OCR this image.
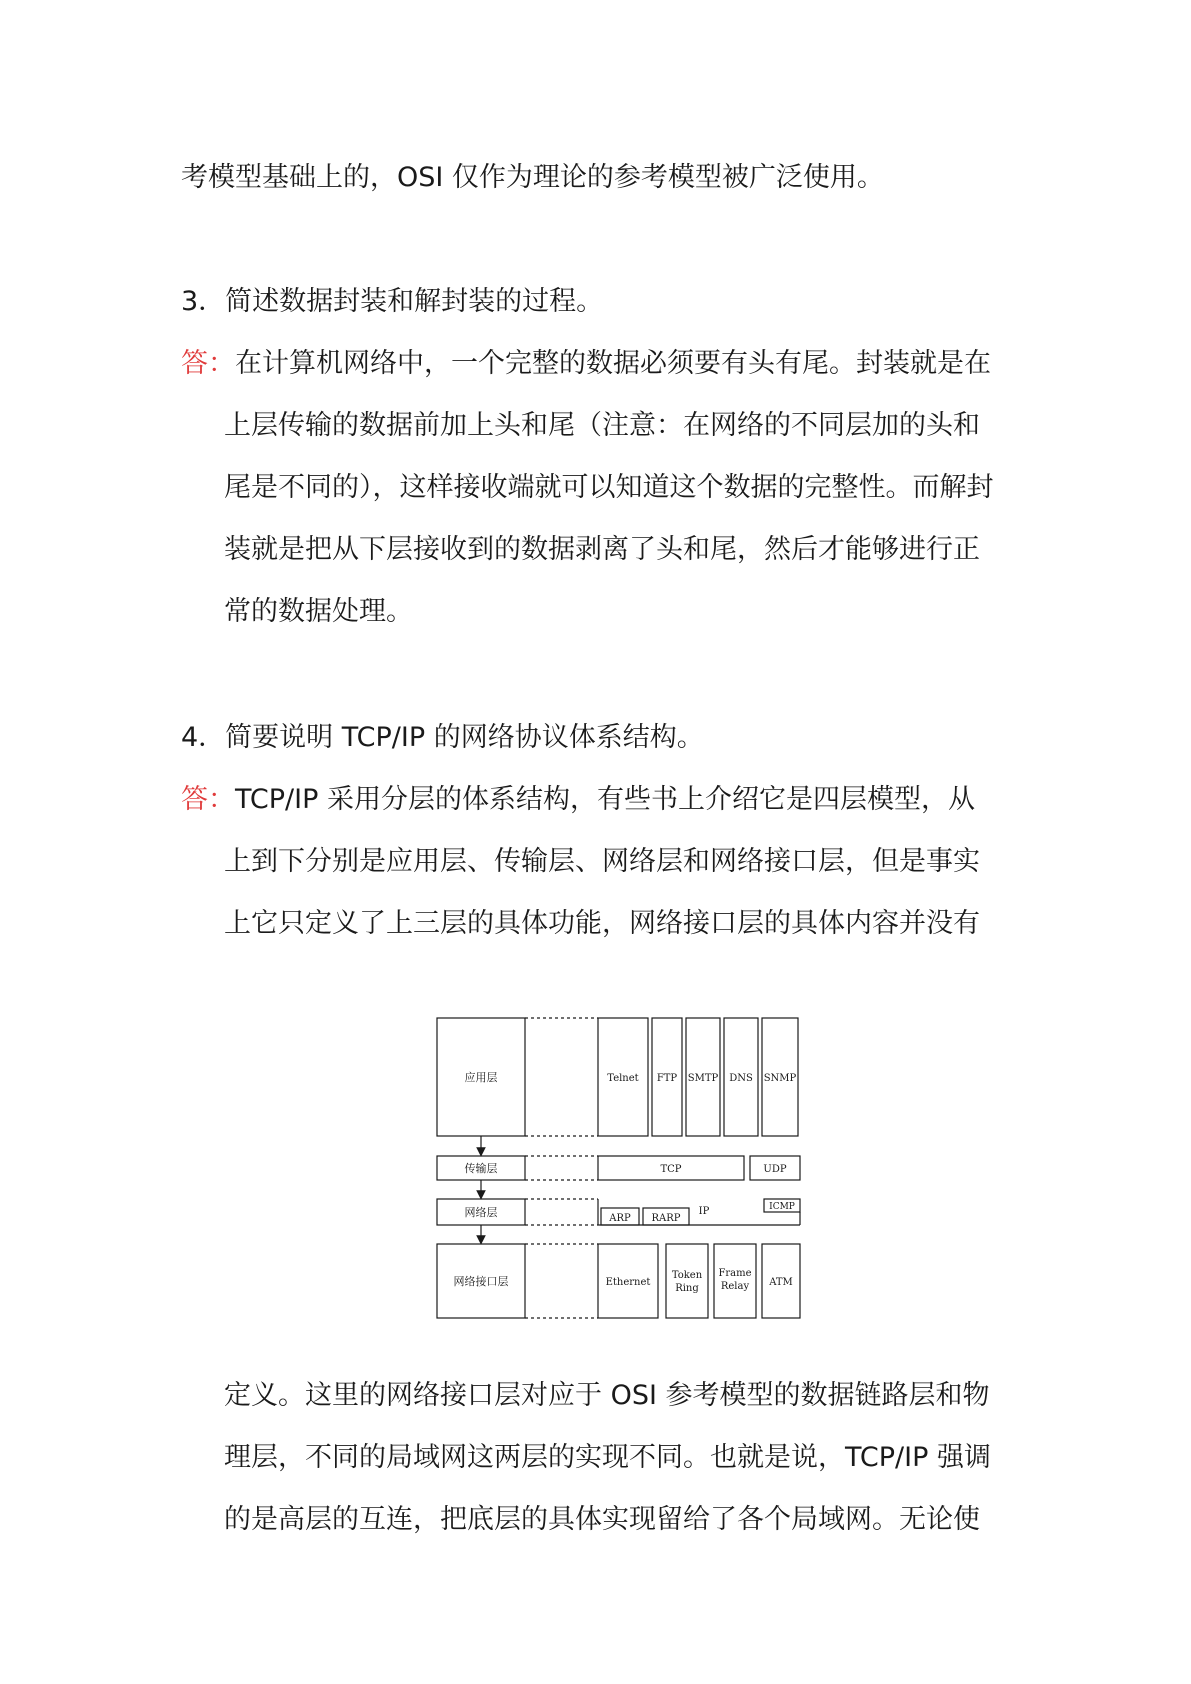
考模型基础上的，OSI 仅作为理论的参考模型被广泛使用。
3．简述数据封装和解封装的过程。
答：在计算机网络中，一个完整的数据必须要有头有尾。封装就是在
上层传输的数据前加上头和尾（注意：在网络的不同层加的头和
尾是不同的），这样接收端就可以知道这个数据的完整性。而解封
装就是把从下层接收到的数据剥离了头和尾，然后才能够进行正
常的数据处理。
4．简要说明 TCP/IP 的网络协议体系结构。
答：TCP/IP 采用分层的体系结构，有些书上介绍它是四层模型，从
上到下分别是应用层、传输层、网络层和网络接口层，但是事实
上它只定义了上三层的具体功能，网络接口层的具体内容并没有
应用层
传输层
网络层
网络接口层
Telnet FTP SMTP DNS SNMP
TCP	UDP
ARP RARP
IP	ICMP
Ethernet
Token
Ring
Frame
Relay ATM
定义。这里的网络接口层对应于 OSI 参考模型的数据链路层和物
理层，不同的局域网这两层的实现不同。也就是说，TCP/IP 强调
的是高层的互连，把底层的具体实现留给了各个局域网。无论使
